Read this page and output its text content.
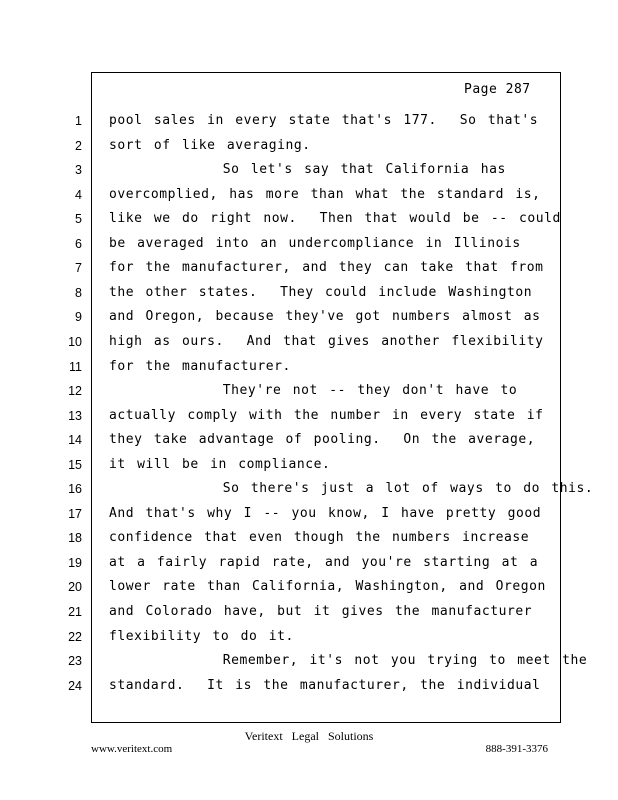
Page 287
1 pool sales in every state that's 177.  So that's
2 sort of like averaging.
3 So let's say that California has
4 overcomplied, has more than what the standard is,
5 like we do right now.  Then that would be -- could
6 be averaged into an undercompliance in Illinois
7 for the manufacturer, and they can take that from
8 the other states.  They could include Washington
9 and Oregon, because they've got numbers almost as
10 high as ours.  And that gives another flexibility
11 for the manufacturer.
12 They're not -- they don't have to
13 actually comply with the number in every state if
14 they take advantage of pooling.  On the average,
15 it will be in compliance.
16 So there's just a lot of ways to do this.
17 And that's why I -- you know, I have pretty good
18 confidence that even though the numbers increase
19 at a fairly rapid rate, and you're starting at a
20 lower rate than California, Washington, and Oregon
21 and Colorado have, but it gives the manufacturer
22 flexibility to do it.
23 Remember, it's not you trying to meet the
24 standard.  It is the manufacturer, the individual
Veritext Legal Solutions
www.veritext.com	888-391-3376
